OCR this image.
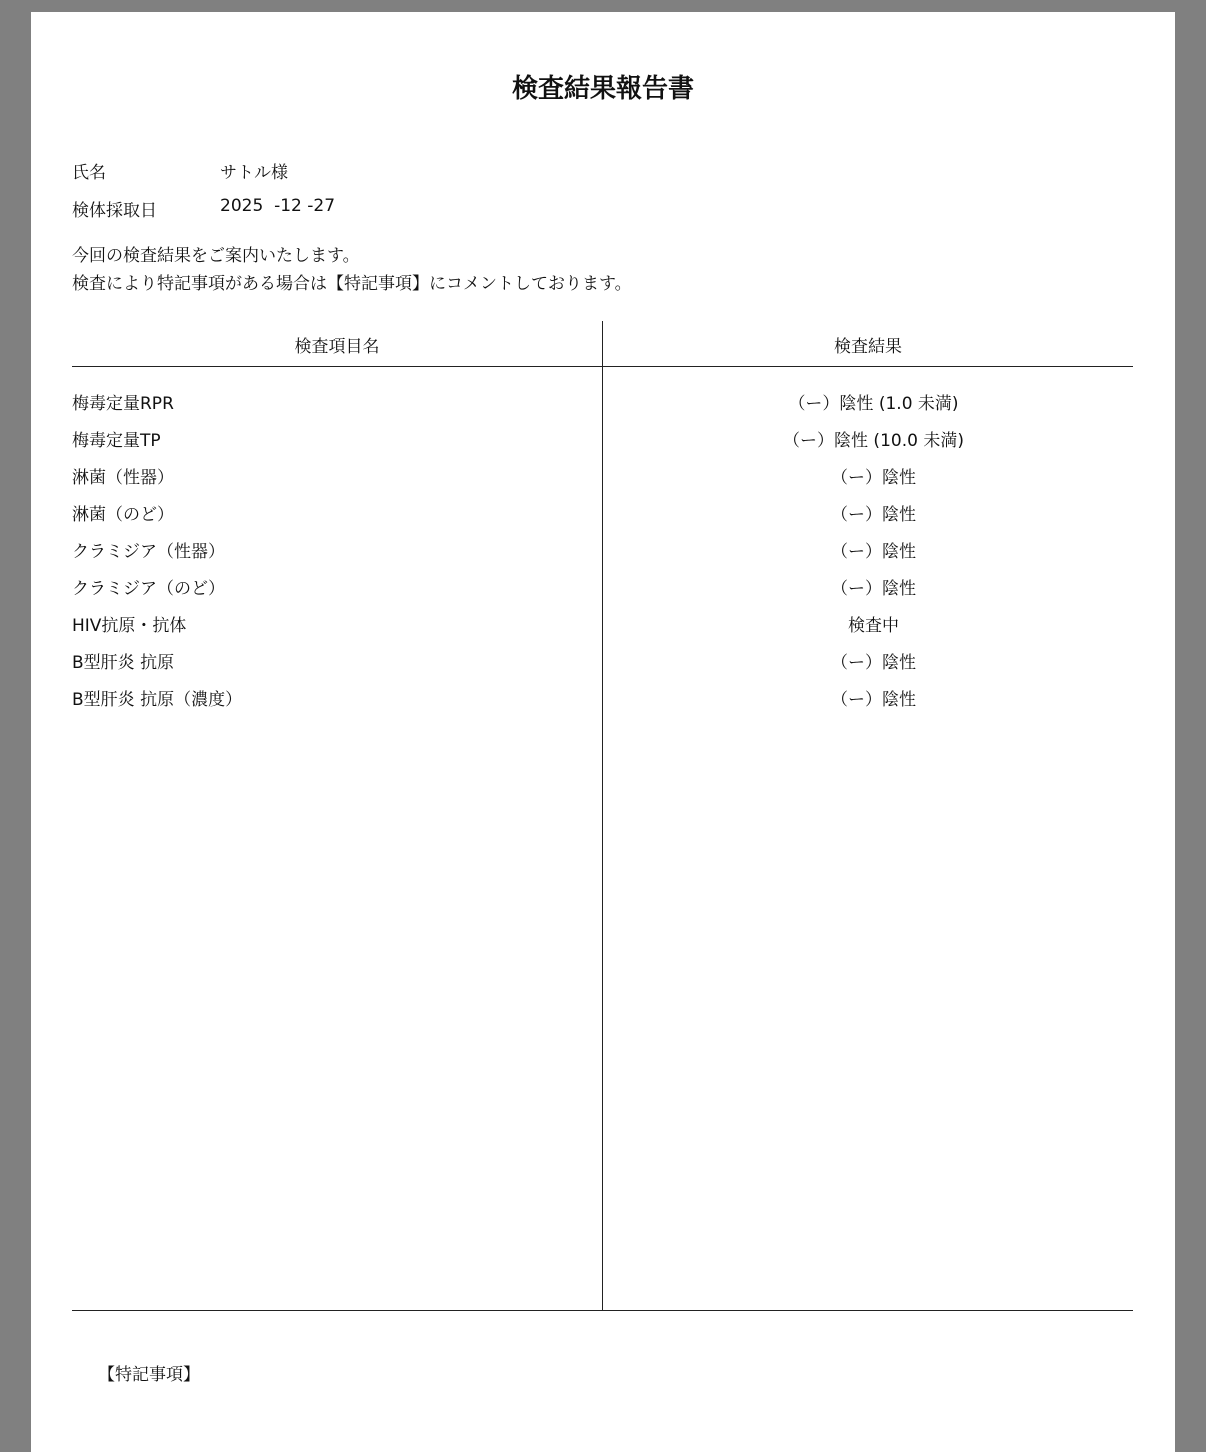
検査結果報告書
氏名	サトル様
検体採取日	2025  -12 -27
今回の検査結果をご案内いたします。
検査により特記事項がある場合は【特記事項】にコメントしております。
検査項目名	検査結果
梅毒定量RPR	（ー）陰性 (1.0 未満)
梅毒定量TP	（ー）陰性 (10.0 未満)
淋菌（性器）	（ー）陰性
淋菌（のど）	（ー）陰性
クラミジア（性器）	（ー）陰性
クラミジア（のど）	（ー）陰性
HIV抗原・抗体	検査中
B型肝炎 抗原	（ー）陰性
B型肝炎 抗原（濃度）	（ー）陰性
【特記事項】
